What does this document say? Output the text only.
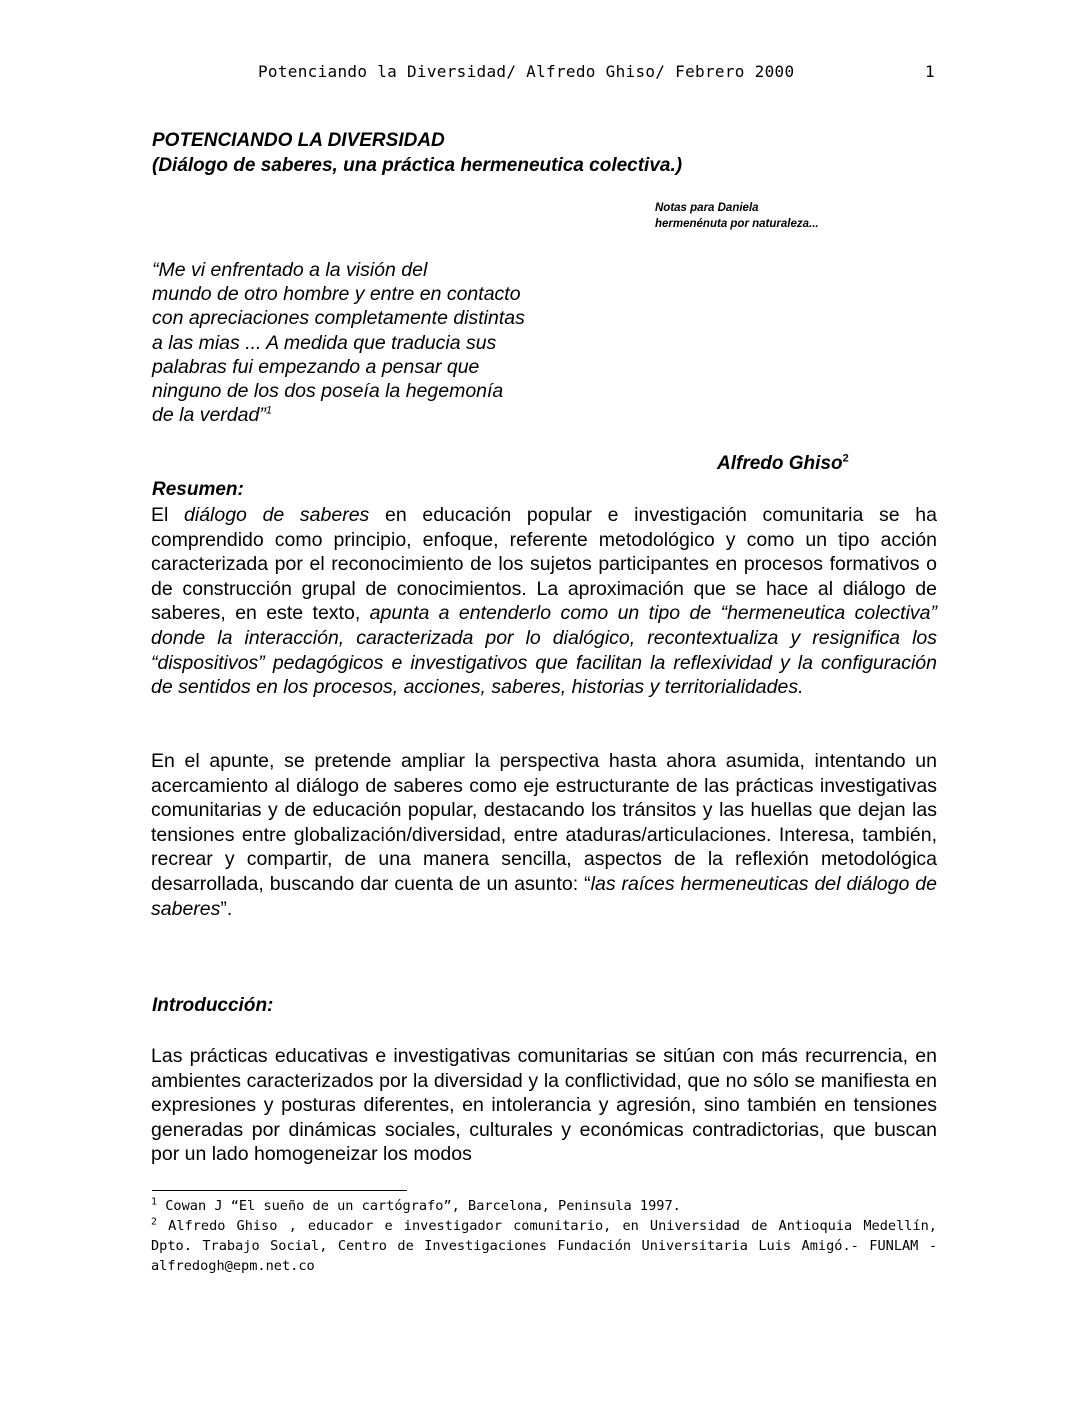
Potenciando la Diversidad/ Alfredo Ghiso/ Febrero 2000	1
POTENCIANDO LA DIVERSIDAD
(Diálogo de saberes, una práctica hermeneutica colectiva.)
Notas para Daniela
hermenénuta por naturaleza...
“Me vi enfrentado a la visión del
mundo de otro hombre y entre en contacto
con apreciaciones completamente distintas
a las mias ... A medida que traducia sus
palabras fui empezando a pensar que
ninguno de los dos poseía la hegemonía
de la verdad”$^1$
Alfredo Ghiso$^2$
Resumen:
El diálogo de saberes en educación popular e investigación comunitaria se ha comprendido como principio, enfoque, referente metodológico y como un tipo acción caracterizada por el reconocimiento de los sujetos participantes en procesos formativos o de construcción grupal de conocimientos. La aproximación que se hace al diálogo de saberes, en este texto, apunta a entenderlo como un tipo de “hermeneutica colectiva” donde la interacción, caracterizada por lo dialógico, recontextualiza y resignifica los “dispositivos” pedagógicos e investigativos que facilitan la reflexividad y la configuración de sentidos en los procesos, acciones, saberes, historias y territorialidades.
En el apunte, se pretende ampliar la perspectiva hasta ahora asumida, intentando un acercamiento al diálogo de saberes como eje estructurante de las prácticas investigativas comunitarias y de educación popular, destacando los tránsitos y las huellas que dejan las tensiones entre globalización/diversidad, entre ataduras/articulaciones. Interesa, también, recrear y compartir, de una manera sencilla, aspectos de la reflexión metodológica desarrollada, buscando dar cuenta de un asunto: “las raíces hermeneuticas del diálogo de saberes”.
Introducción:
Las prácticas educativas e investigativas comunitarias se sitúan con más recurrencia, en ambientes caracterizados por la diversidad y la conflictividad, que no sólo se manifiesta en expresiones y posturas diferentes, en intolerancia y agresión, sino también en tensiones generadas por dinámicas sociales, culturales y económicas contradictorias, que buscan por un lado homogeneizar los modos
$^1$ Cowan J “El sueño de un cartógrafo”, Barcelona, Peninsula 1997.
$^2$ Alfredo Ghiso , educador e investigador comunitario, en Universidad de Antioquia Medellín, Dpto. Trabajo Social, Centro de Investigaciones Fundación Universitaria Luis Amigó.- FUNLAM - alfredogh@epm.net.co
